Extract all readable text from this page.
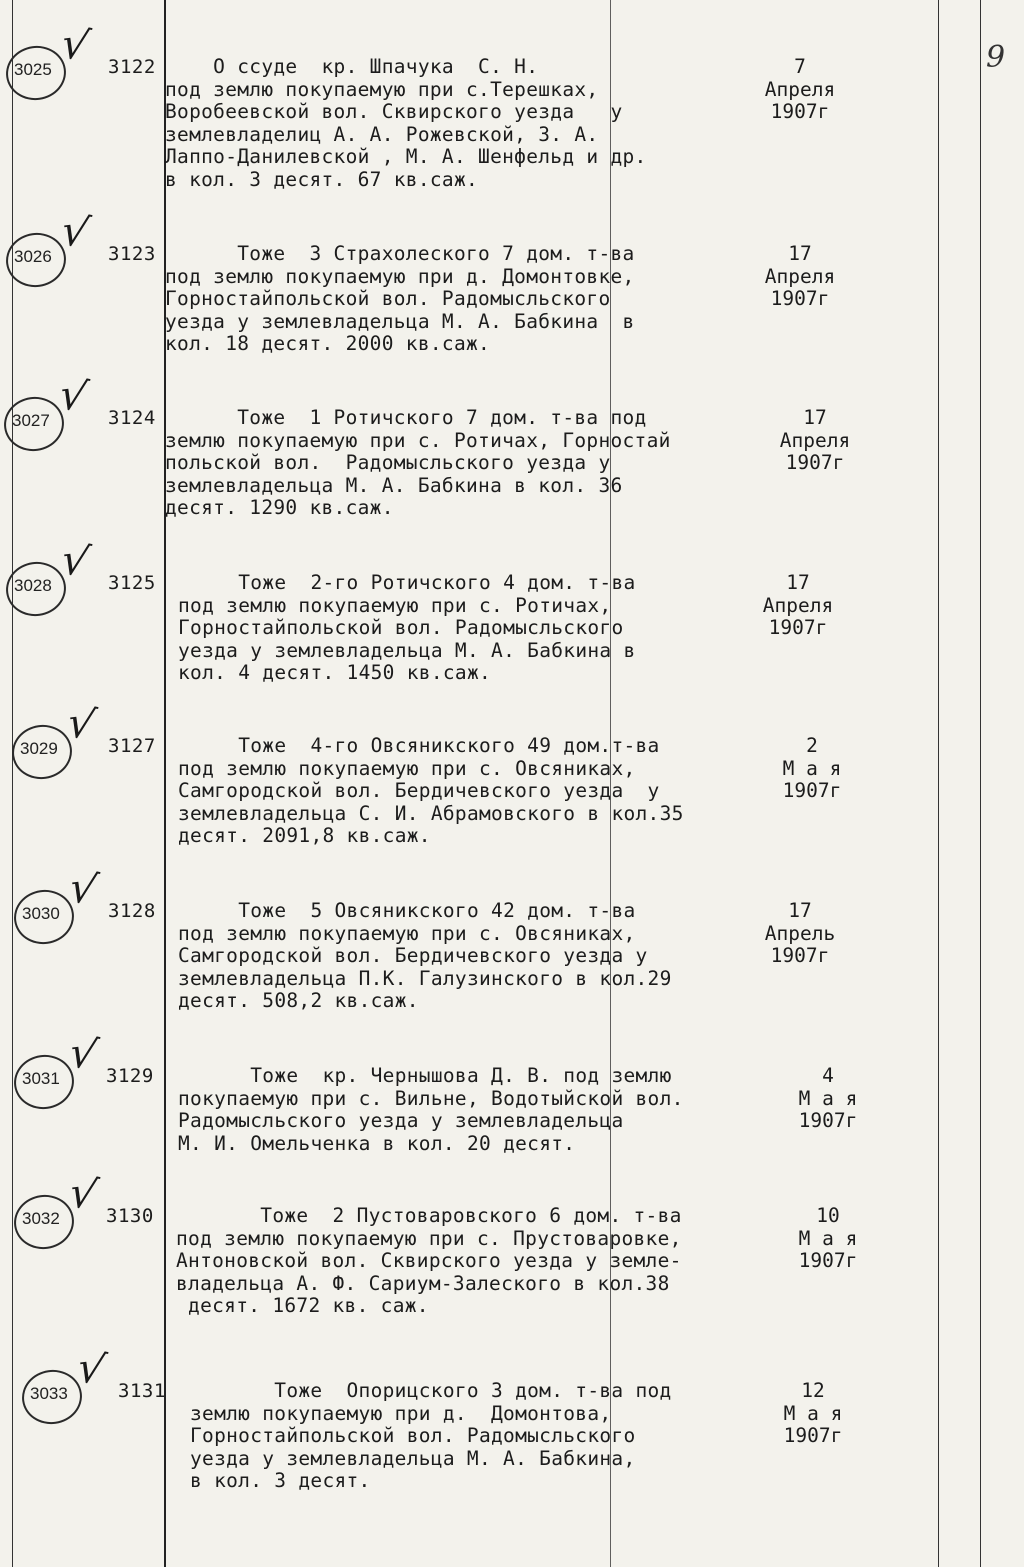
9
3025 √ 3122 О ссуде  кр. Шпачука  С. Н.
под землю покупаемую при с.Терешках,
Воробеевской вол. Сквирского уезда   у
землевладелиц А. А. Рожевской, З. А.
Лаппо-Данилевской , М. А. Шенфельд и др.
в кол. 3 десят. 67 кв.саж.
7
Апреля
1907г
3026 √ 3123 Тоже  3 Страхолеского 7 дом. т-ва
под землю покупаемую при д. Домонтовке,
Горностайпольской вол. Радомысльского
уезда у землевладельца М. А. Бабкина  в
кол. 18 десят. 2000 кв.саж.
17
Апреля
1907г
3027 √ 3124 Тоже  1 Ротичского 7 дом. т-ва под
землю покупаемую при с. Ротичах, Горностай
польской вол.  Радомысльского уезда у
землевладельца М. А. Бабкина в кол. 36
десят. 1290 кв.саж.
17
Апреля
1907г
3028 √ 3125 Тоже  2-го Ротичского 4 дом. т-ва
под землю покупаемую при с. Ротичах,
Горностайпольской вол. Радомысльского
уезда у землевладельца М. А. Бабкина в
кол. 4 десят. 1450 кв.саж.
17
Апреля
1907г
3029 √ 3127 Тоже  4-го Овсяникского 49 дом.т-ва
под землю покупаемую при с. Овсяниках,
Самгородской вол. Бердичевского уезда  у
землевладельца С. И. Абрамовского в кол.35
десят. 2091,8 кв.саж.
2
М а я
1907г
3030 √ 3128 Тоже  5 Овсяникского 42 дом. т-ва
под землю покупаемую при с. Овсяниках,
Самгородской вол. Бердичевского уезда у
землевладельца П.К. Галузинского в кол.29
десят. 508,2 кв.саж.
17
Апрель
1907г
3031 √ 3129 Тоже  кр. Чернышова Д. В. под землю
покупаемую при с. Вильне, Водотыйской вол.
Радомысльского уезда у землевладельца
М. И. Омельченка в кол. 20 десят.
4
М а я
1907г
3032 √ 3130 Тоже  2 Пустоваровского 6 дом. т-ва
под землю покупаемую при с. Прустоваровке,
Антоновской вол. Сквирского уезда у земле-
владельца А. Ф. Сариум-Залеского в кол.38
десят. 1672 кв. саж.
10
М а я
1907г
3033 √ 3131 Тоже  Опорицского 3 дом. т-ва под
землю покупаемую при д.  Домонтова,
Горностайпольской вол. Радомысльского
уезда у землевладельца М. А. Бабкина,
в кол. 3 десят.
12
М а я
1907г
